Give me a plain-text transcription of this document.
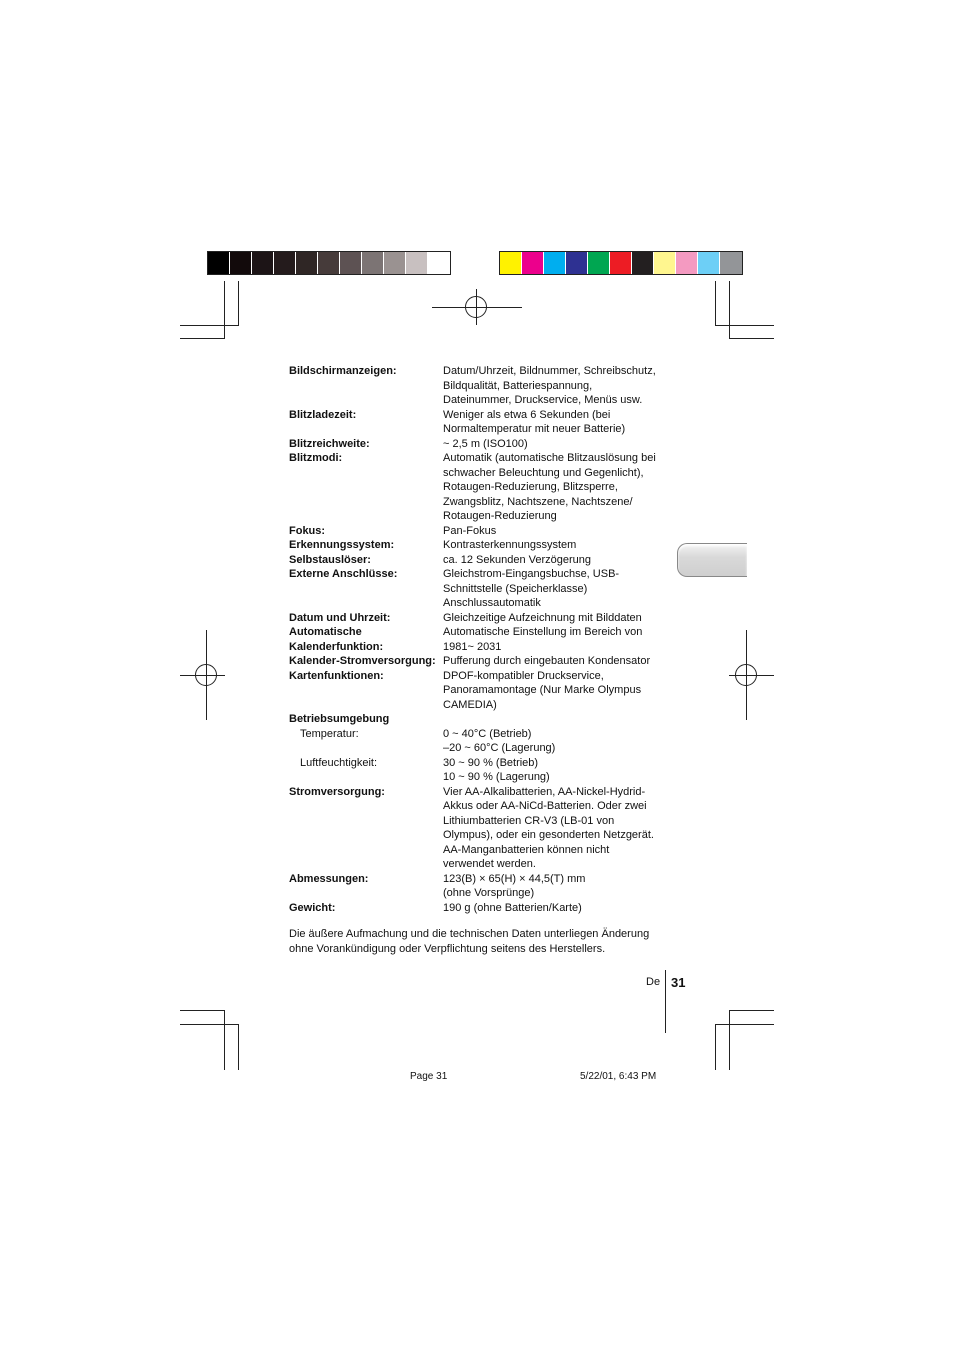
Bildschirmanzeigen:	Datum/Uhrzeit, Bildnummer, Schreibschutz,
Bildqualität, Batteriespannung,
Dateinummer, Druckservice, Menüs usw.
Blitzladezeit:	Weniger als etwa 6 Sekunden (bei
Normaltemperatur mit neuer Batterie)
Blitzreichweite:	~ 2,5 m (ISO100)
Blitzmodi:	Automatik (automatische Blitzauslösung bei
schwacher Beleuchtung und Gegenlicht),
Rotaugen-Reduzierung, Blitzsperre,
Zwangsblitz, Nachtszene, Nachtszene/
Rotaugen-Reduzierung
Fokus:	Pan-Fokus
Erkennungssystem:	Kontrasterkennungssystem
Selbstauslöser:	ca. 12 Sekunden Verzögerung
Externe Anschlüsse:	Gleichstrom-Eingangsbuchse, USB-
Schnittstelle (Speicherklasse)
Anschlussautomatik
Datum und Uhrzeit:	Gleichzeitige Aufzeichnung mit Bilddaten
Automatische	Automatische Einstellung im Bereich von
Kalenderfunktion:	1981~ 2031
Kalender-Stromversorgung: Pufferung durch eingebauten Kondensator
Kartenfunktionen:	DPOF-kompatibler Druckservice,
Panoramamontage (Nur Marke Olympus
CAMEDIA)
Betriebsumgebung

Temperatur:	0 ~ 40°C (Betrieb)
–20 ~ 60°C (Lagerung)
Luftfeuchtigkeit:	30 ~ 90 % (Betrieb)
10 ~ 90 % (Lagerung)
Stromversorgung:	Vier AA-Alkalibatterien, AA-Nickel-Hydrid-
Akkus oder AA-NiCd-Batterien. Oder zwei
Lithiumbatterien CR-V3 (LB-01 von
Olympus), oder ein gesonderten Netzgerät.
AA-Manganbatterien können nicht
verwendet werden.
Abmessungen:	123(B) × 65(H) × 44,5(T) mm
(ohne Vorsprünge)
Gewicht:	190 g (ohne Batterien/Karte)
Die äußere Aufmachung und die technischen Daten unterliegen Änderung
ohne Vorankündigung oder Verpflichtung seitens des Herstellers.
De 31
Page 31	5/22/01, 6:43 PM
